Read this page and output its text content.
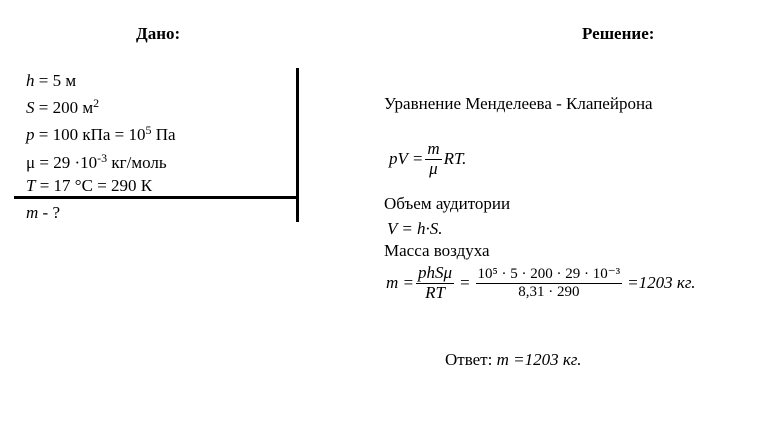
Дано:	Решение:
h = 5 м
S = 200 $м^2$
p = 100 кПа = $10^5$ Па
$\mu = 29 \cdot 10^{-3}$ кг/моль
T = 17 °С = 290 К
m - ?
Уравнение Менделеева - Клапейрона
pV = $\frac{m}{\mu}$ RT.
Объем аудитории
V = h·S.
Масса воздуха
$m = \frac{\text{phSμ}}{RT} = \frac{\text{10⁵ · 5 · 200 · 29 · 10⁻³}}{8,31 \cdot 290} =1203$ кг.
Ответ: m =1203 кг.
